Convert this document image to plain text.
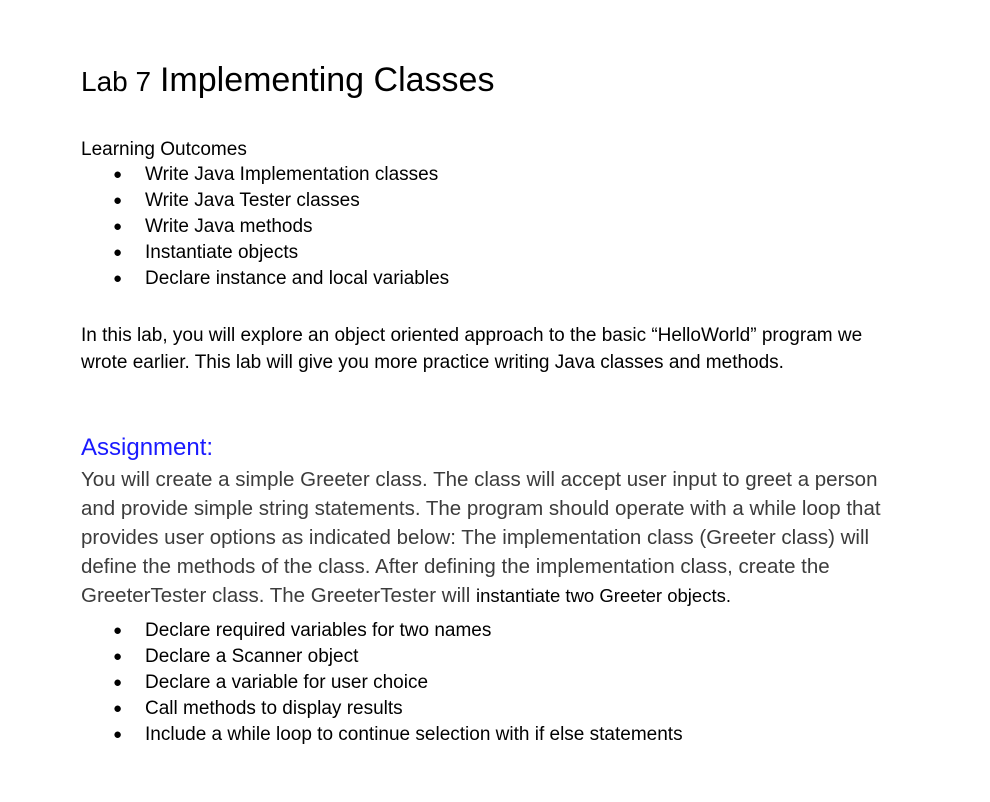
Lab 7 Implementing Classes

Learning Outcomes

● Write Java Implementation classes
● Write Java Tester classes
● Write Java methods
● Instantiate objects
● Declare instance and local variables

In this lab, you will explore an object oriented approach to the basic “HelloWorld” program we wrote earlier. This lab will give you more practice writing Java classes and methods.

Assignment:

You will create a simple Greeter class. The class will accept user input to greet a person and provide simple string statements. The program should operate with a while loop that provides user options as indicated below: The implementation class (Greeter class) will define the methods of the class. After defining the implementation class, create the GreeterTester class. The GreeterTester will instantiate two Greeter objects.

● Declare required variables for two names
● Declare a Scanner object
● Declare a variable for user choice
● Call methods to display results
● Include a while loop to continue selection with if else statements
